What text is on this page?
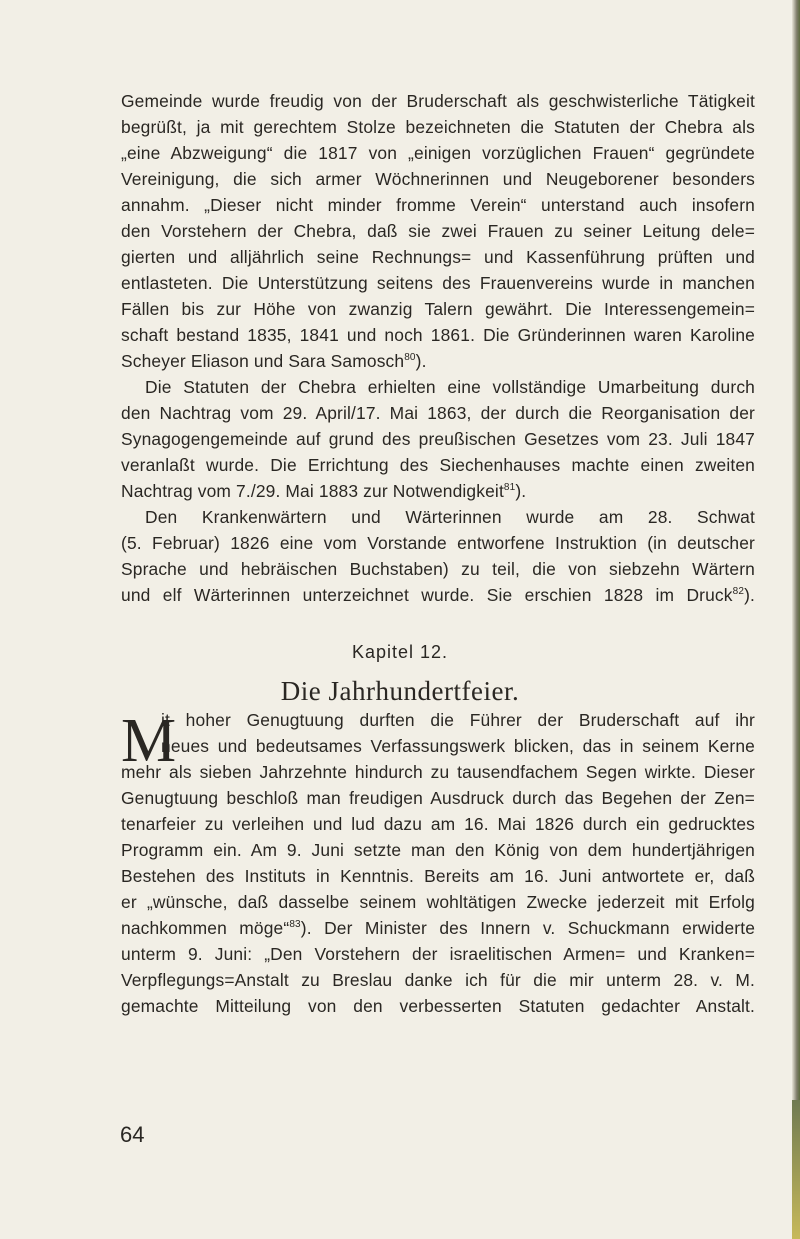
Gemeinde wurde freudig von der Bruderschaft als geschwisterliche Tätigkeit
begrüßt, ja mit gerechtem Stolze bezeichneten die Statuten der Chebra als
„eine Abzweigung“ die 1817 von „einigen vorzüglichen Frauen“ gegründete
Vereinigung, die sich armer Wöchnerinnen und Neugeborener besonders
annahm. „Dieser nicht minder fromme Verein“ unterstand auch insofern
den Vorstehern der Chebra, daß sie zwei Frauen zu seiner Leitung dele=
gierten und alljährlich seine Rechnungs= und Kassenführung prüften und
entlasteten. Die Unterstützung seitens des Frauenvereins wurde in manchen
Fällen bis zur Höhe von zwanzig Talern gewährt. Die Interessengemein=
schaft bestand 1835, 1841 und noch 1861. Die Gründerinnen waren Karoline
Scheyer Eliason und Sara Samosch$^{80}$).
Die Statuten der Chebra erhielten eine vollständige Umarbeitung durch
den Nachtrag vom 29. April/17. Mai 1863, der durch die Reorganisation der
Synagogengemeinde auf grund des preußischen Gesetzes vom 23. Juli 1847
veranlaßt wurde. Die Errichtung des Siechenhauses machte einen zweiten
Nachtrag vom 7./29. Mai 1883 zur Notwendigkeit$^{81}$).
Den Krankenwärtern und Wärterinnen wurde am 28. Schwat
(5. Februar) 1826 eine vom Vorstande entworfene Instruktion (in deutscher
Sprache und hebräischen Buchstaben) zu teil, die von siebzehn Wärtern
und elf Wärterinnen unterzeichnet wurde. Sie erschien 1828 im Druck$^{82}$).
Kapitel 12.
Die Jahrhundertfeier.
M
it hoher Genugtuung durften die Führer der Bruderschaft auf ihr
neues und bedeutsames Verfassungswerk blicken, das in seinem Kerne
mehr als sieben Jahrzehnte hindurch zu tausendfachem Segen wirkte. Dieser
Genugtuung beschloß man freudigen Ausdruck durch das Begehen der Zen=
tenarfeier zu verleihen und lud dazu am 16. Mai 1826 durch ein gedrucktes
Programm ein. Am 9. Juni setzte man den König von dem hundertjährigen
Bestehen des Instituts in Kenntnis. Bereits am 16. Juni antwortete er, daß
er „wünsche, daß dasselbe seinem wohltätigen Zwecke jederzeit mit Erfolg
nachkommen möge“$^{83}$). Der Minister des Innern v. Schuckmann erwiderte
unterm 9. Juni: „Den Vorstehern der israelitischen Armen= und Kranken=
Verpflegungs=Anstalt zu Breslau danke ich für die mir unterm 28. v. M.
gemachte Mitteilung von den verbesserten Statuten gedachter Anstalt.
64
